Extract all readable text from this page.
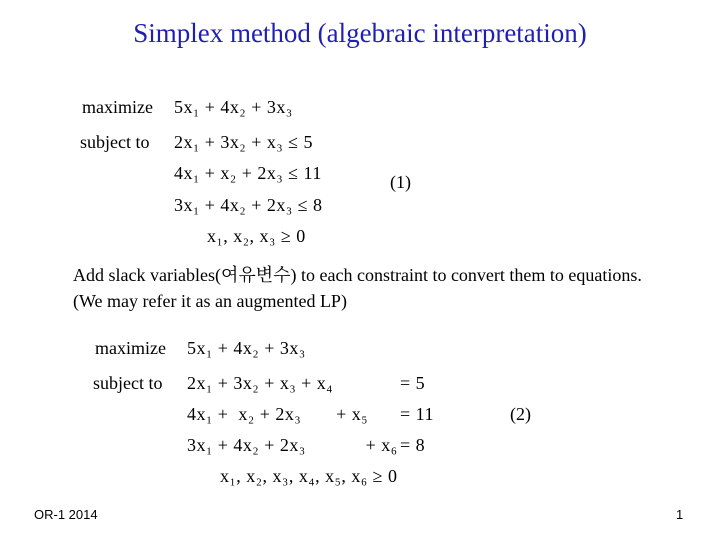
Simplex method (algebraic interpretation)
maximize 5x₁ + 4x₂ + 3x₃
subject to 2x₁ + 3x₂ + x₃ ≤ 5
4x₁ + x₂ + 2x₃ ≤ 11
3x₁ + 4x₂ + 2x₃ ≤ 8
x₁, x₂, x₃ ≥ 0
(1)
Add slack variables(여유변수) to each constraint to convert them to equations. (We may refer it as an augmented LP)
maximize 5x₁ + 4x₂ + 3x₃
subject to 2x₁ + 3x₂ + x₃ + x₄	= 5
4x₁ +  x₂ + 2x₃       + x₅ = 11
3x₁ + 4x₂ + 2x₃            + x₆ = 8
x₁, x₂, x₃, x₄, x₅, x₆ ≥ 0
(2)
OR-1 2014	1
